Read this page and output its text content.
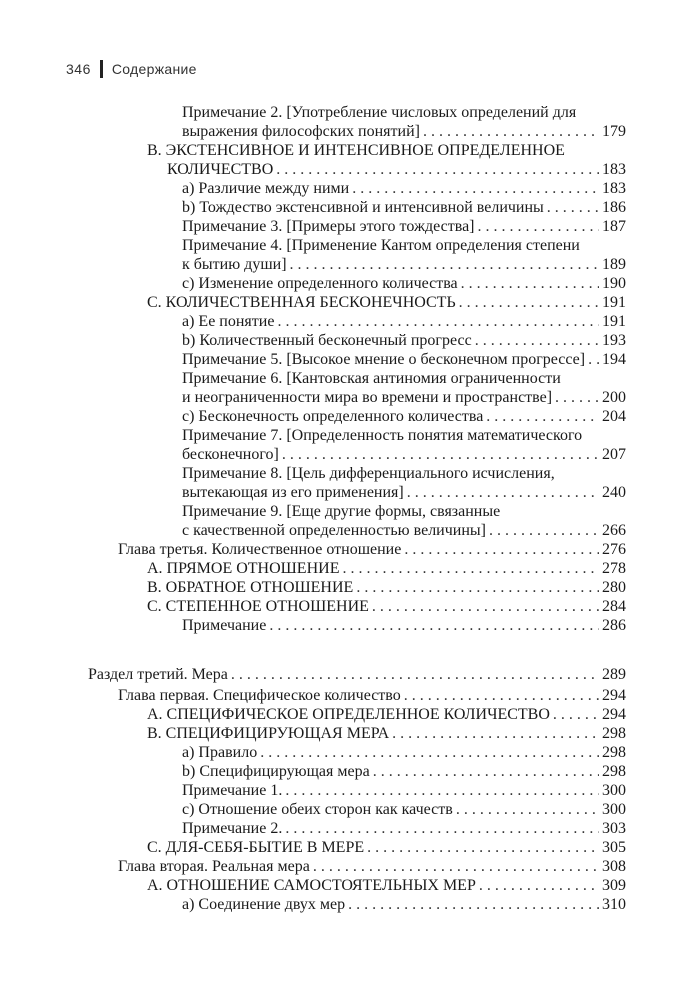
346 Содержание
Примечание 2. [Употребление числовых определений для
выражения философских понятий] . . .	179
B. ЭКСТЕНСИВНОЕ И ИНТЕНСИВНОЕ ОПРЕДЕЛЕННОЕ
КОЛИЧЕСТВО . . .	183
a) Различие между ними . . .	183
b) Тождество экстенсивной и интенсивной величины . . .	186
Примечание 3. [Примеры этого тождества] . . .	187
Примечание 4. [Применение Кантом определения степени
к бытию души] . . .	189
c) Изменение определенного количества . . .	190
C. КОЛИЧЕСТВЕННАЯ БЕСКОНЕЧНОСТЬ . . .	191
a) Ее понятие . . .	191
b) Количественный бесконечный прогресс . . .	193
Примечание 5. [Высокое мнение о бесконечном прогрессе] . . . 194
Примечание 6. [Кантовская антиномия ограниченности
и неограниченности мира во времени и пространстве] . . .	200
c) Бесконечность определенного количества . . .	204
Примечание 7. [Определенность понятия математического
бесконечного] . . .	207
Примечание 8. [Цель дифференциального исчисления,
вытекающая из его применения] . . .	240
Примечание 9. [Еще другие формы, связанные
с качественной определенностью величины] . . .	266
Глава третья. Количественное отношение . . .	276
A. ПРЯМОЕ ОТНОШЕНИЕ . . .	278
B. ОБРАТНОЕ ОТНОШЕНИЕ . . .	280
C. СТЕПЕННОЕ ОТНОШЕНИЕ . . .	284
Примечание . . .	286
Раздел третий. Мера . . .	289
Глава первая. Специфическое количество . . .	294
A. СПЕЦИФИЧЕСКОЕ ОПРЕДЕЛЕННОЕ КОЛИЧЕСТВО . . .	294
B. СПЕЦИФИЦИРУЮЩАЯ МЕРА . . .	298
a) Правило . . .	298
b) Специфицирующая мера . . .	298
Примечание 1. . . .	300
c) Отношение обеих сторон как качеств . . .	300
Примечание 2. . . .	303
C. ДЛЯ-СЕБЯ-БЫТИЕ В МЕРЕ . . .	305
Глава вторая. Реальная мера . . .	308
A. ОТНОШЕНИЕ САМОСТОЯТЕЛЬНЫХ МЕР . . .	309
a) Соединение двух мер . . .	310
